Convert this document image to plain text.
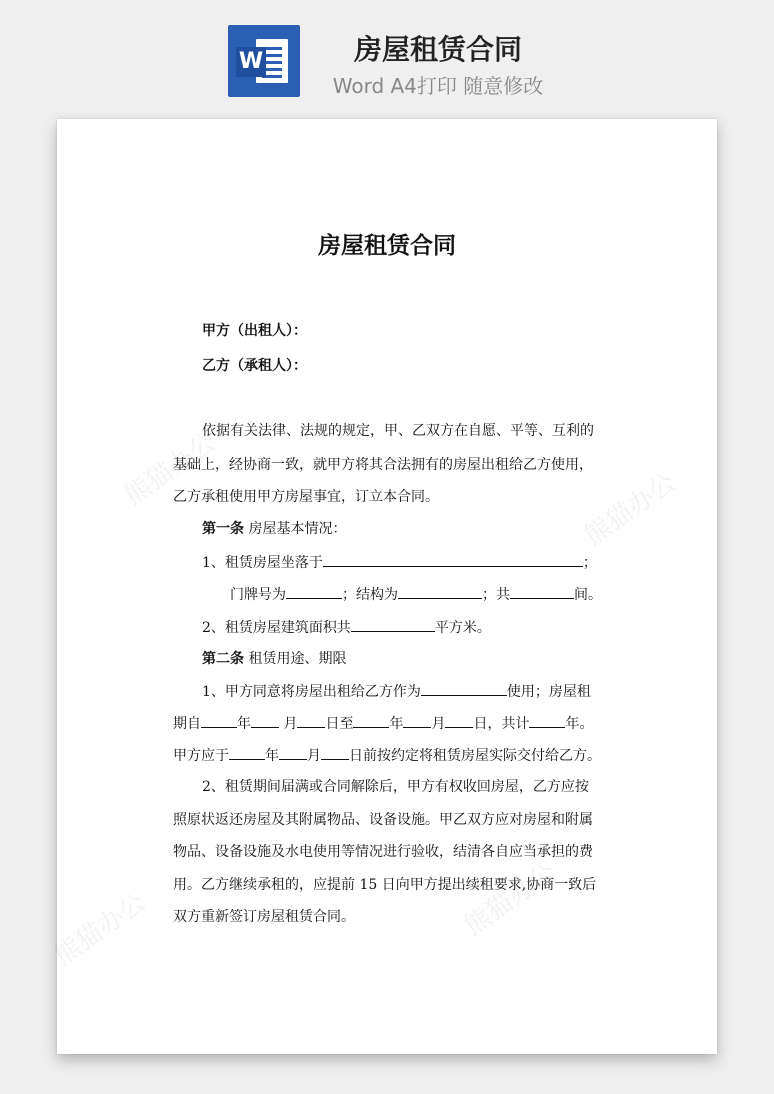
W	房屋租赁合同
Word A4打印 随意修改
熊猫办公	熊猫办公
熊猫办公	熊猫办公
房屋租赁合同
甲方（出租人）：
乙方（承租人）：
依据有关法律、法规的规定，甲、乙双方在自愿、平等、互利的
基础上，经协商一致，就甲方将其合法拥有的房屋出租给乙方使用，
乙方承租使用甲方房屋事宜，订立本合同。
第一条 房屋基本情况：
1、租赁房屋坐落于	；
门牌号为	；结构为	；共	间。
2、租赁房屋建筑面积共	平方米。
第二条 租赁用途、期限
1、甲方同意将房屋出租给乙方作为	使用；房屋租
期自	年 月 日至	年 月 日，共计	年。
甲方应于	年 月 日前按约定将租赁房屋实际交付给乙方。
2、租赁期间届满或合同解除后，甲方有权收回房屋，乙方应按
照原状返还房屋及其附属物品、设备设施。甲乙双方应对房屋和附属
物品、设备设施及水电使用等情况进行验收，结清各自应当承担的费
用。乙方继续承租的，应提前 15 日向甲方提出续租要求,协商一致后
双方重新签订房屋租赁合同。
